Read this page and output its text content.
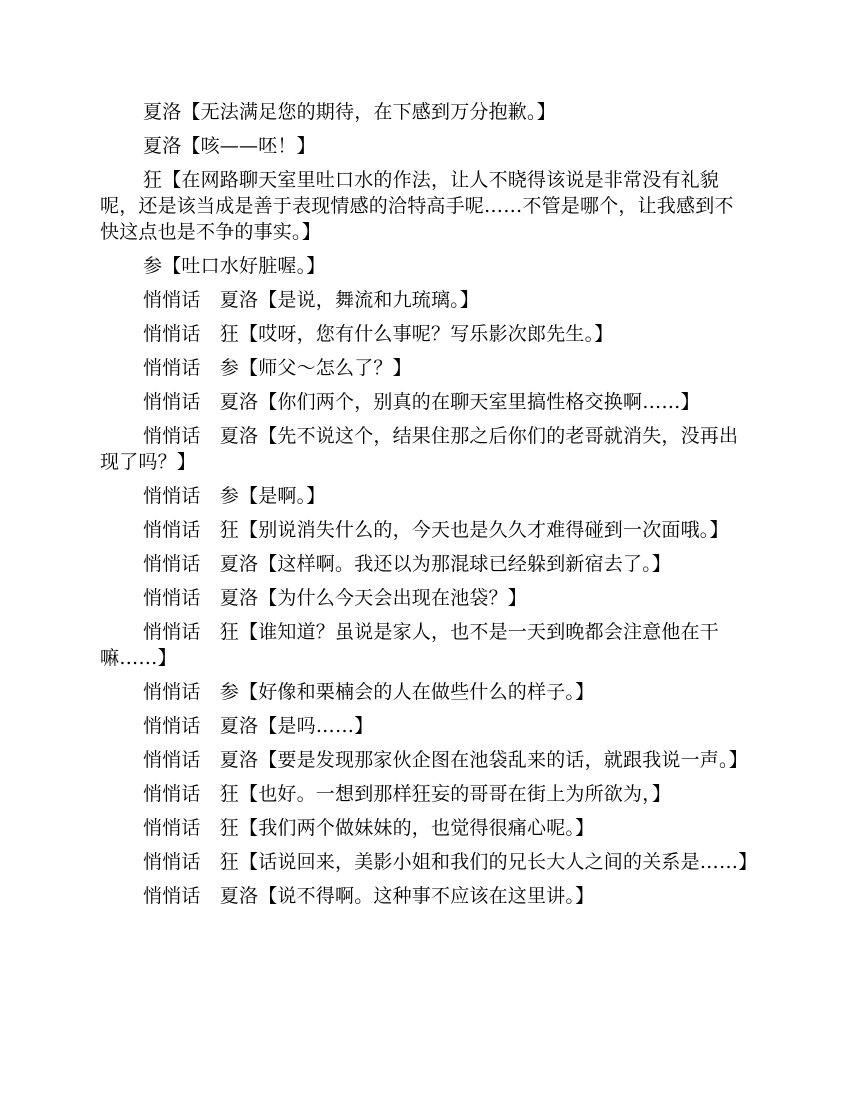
夏洛【无法满足您的期待，在下感到万分抱歉。】

夏洛【咳——呸！】

狂【在网路聊天室里吐口水的作法，让人不晓得该说是非常没有礼貌呢，还是该当成是善于表现情感的洽特高手呢……不管是哪个，让我感到不快这点也是不争的事实。】

参【吐口水好脏喔。】

悄悄话　夏洛【是说，舞流和九琉璃。】

悄悄话　狂【哎呀，您有什么事呢？写乐影次郎先生。】

悄悄话　参【师父～怎么了？】

悄悄话　夏洛【你们两个，别真的在聊天室里搞性格交换啊……】

悄悄话　夏洛【先不说这个，结果住那之后你们的老哥就消失，没再出现了吗？】

悄悄话　参【是啊。】

悄悄话　狂【别说消失什么的，今天也是久久才难得碰到一次面哦。】

悄悄话　夏洛【这样啊。我还以为那混球已经躲到新宿去了。】

悄悄话　夏洛【为什么今天会出现在池袋？】

悄悄话　狂【谁知道？虽说是家人，也不是一天到晚都会注意他在干嘛……】

悄悄话　参【好像和栗楠会的人在做些什么的样子。】

悄悄话　夏洛【是吗……】

悄悄话　夏洛【要是发现那家伙企图在池袋乱来的话，就跟我说一声。】

悄悄话　狂【也好。一想到那样狂妄的哥哥在街上为所欲为，】

悄悄话　狂【我们两个做妹妹的，也觉得很痛心呢。】

悄悄话　狂【话说回来，美影小姐和我们的兄长大人之间的关系是……】

悄悄话　夏洛【说不得啊。这种事不应该在这里讲。】
